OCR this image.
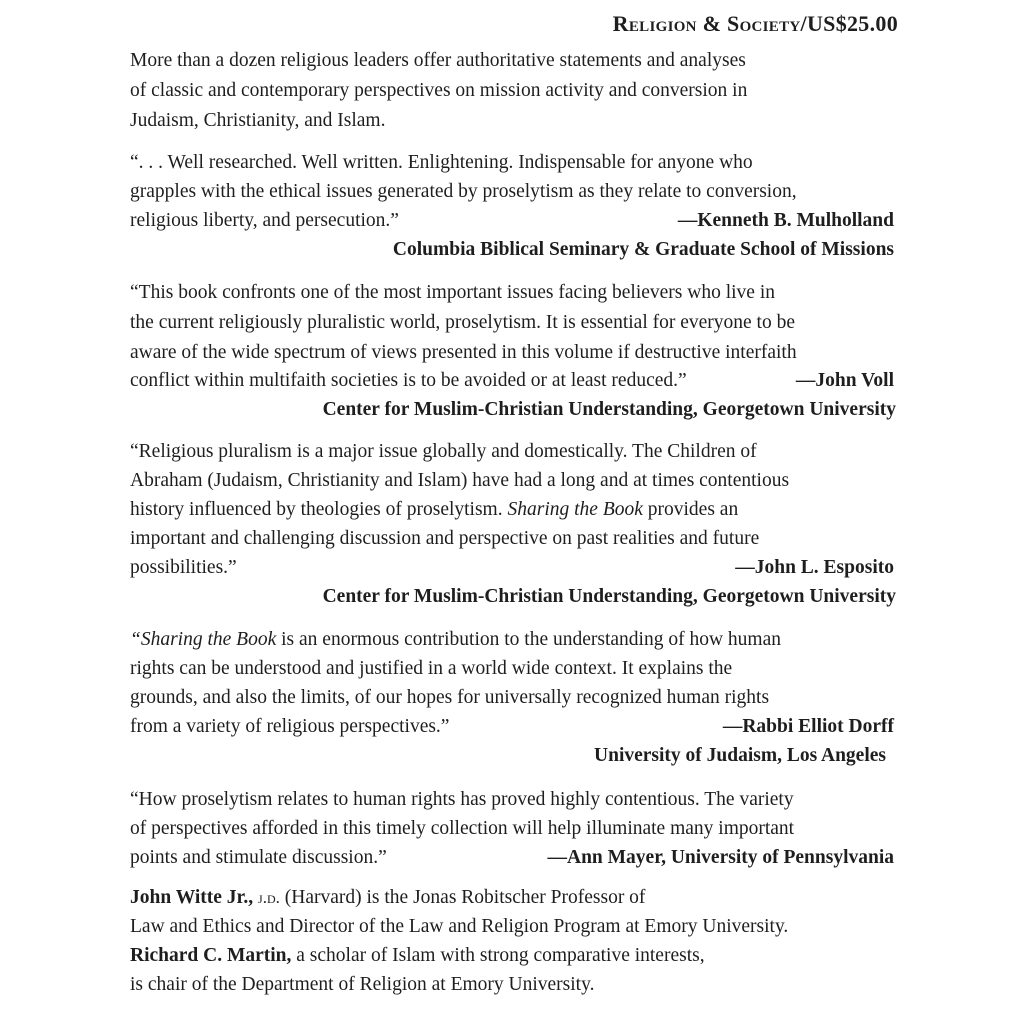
Religion & Society/US$25.00
More than a dozen religious leaders offer authoritative statements and analyses
of classic and contemporary perspectives on mission activity and conversion in
Judaism, Christianity, and Islam.
“. . . Well researched. Well written. Enlightening. Indispensable for anyone who
grapples with the ethical issues generated by proselytism as they relate to conversion,
religious liberty, and persecution.”	—Kenneth B. Mulholland
Columbia Biblical Seminary & Graduate School of Missions
“This book confronts one of the most important issues facing believers who live in
the current religiously pluralistic world, proselytism. It is essential for everyone to be
aware of the wide spectrum of views presented in this volume if destructive interfaith
conflict within multifaith societies is to be avoided or at least reduced.”	—John Voll
Center for Muslim-Christian Understanding, Georgetown University
“Religious pluralism is a major issue globally and domestically. The Children of
Abraham (Judaism, Christianity and Islam) have had a long and at times contentious
history influenced by theologies of proselytism. Sharing the Book provides an
important and challenging discussion and perspective on past realities and future
possibilities.”	—John L. Esposito
Center for Muslim-Christian Understanding, Georgetown University
“Sharing the Book is an enormous contribution to the understanding of how human
rights can be understood and justified in a world wide context. It explains the
grounds, and also the limits, of our hopes for universally recognized human rights
from a variety of religious perspectives.”	—Rabbi Elliot Dorff
University of Judaism, Los Angeles
“How proselytism relates to human rights has proved highly contentious. The variety
of perspectives afforded in this timely collection will help illuminate many important
points and stimulate discussion.”	—Ann Mayer, University of Pennsylvania
John Witte Jr., j.d. (Harvard) is the Jonas Robitscher Professor of
Law and Ethics and Director of the Law and Religion Program at Emory University.
Richard C. Martin, a scholar of Islam with strong comparative interests,
is chair of the Department of Religion at Emory University.
